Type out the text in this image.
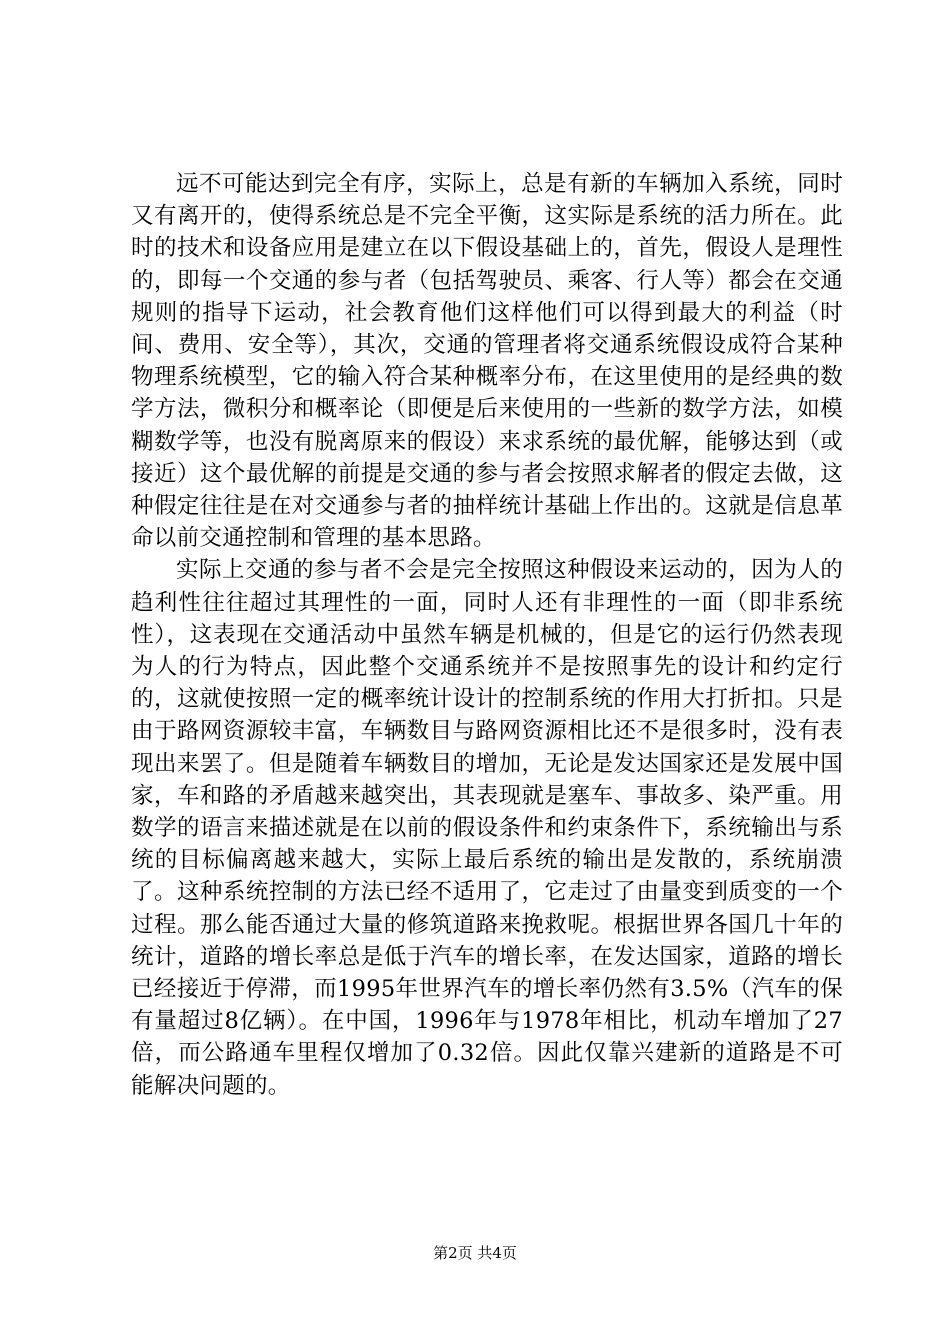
远不可能达到完全有序，实际上，总是有新的车辆加入系统，同时又有离开的，使得系统总是不完全平衡，这实际是系统的活力所在。此时的技术和设备应用是建立在以下假设基础上的，首先，假设人是理性的，即每一个交通的参与者（包括驾驶员、乘客、行人等）都会在交通规则的指导下运动，社会教育他们这样他们可以得到最大的利益（时间、费用、安全等），其次，交通的管理者将交通系统假设成符合某种物理系统模型，它的输入符合某种概率分布，在这里使用的是经典的数学方法，微积分和概率论（即便是后来使用的一些新的数学方法，如模糊数学等，也没有脱离原来的假设）来求系统的最优解，能够达到（或接近）这个最优解的前提是交通的参与者会按照求解者的假定去做，这种假定往往是在对交通参与者的抽样统计基础上作出的。这就是信息革命以前交通控制和管理的基本思路。

实际上交通的参与者不会是完全按照这种假设来运动的，因为人的趋利性往往超过其理性的一面，同时人还有非理性的一面（即非系统性），这表现在交通活动中虽然车辆是机械的，但是它的运行仍然表现为人的行为特点，因此整个交通系统并不是按照事先的设计和约定行的，这就使按照一定的概率统计设计的控制系统的作用大打折扣。只是由于路网资源较丰富，车辆数目与路网资源相比还不是很多时，没有表现出来罢了。但是随着车辆数目的增加，无论是发达国家还是发展中国家，车和路的矛盾越来越突出，其表现就是塞车、事故多、染严重。用数学的语言来描述就是在以前的假设条件和约束条件下，系统输出与系统的目标偏离越来越大，实际上最后系统的输出是发散的，系统崩溃了。这种系统控制的方法已经不适用了，它走过了由量变到质变的一个过程。那么能否通过大量的修筑道路来挽救呢。根据世界各国几十年的统计，道路的增长率总是低于汽车的增长率，在发达国家，道路的增长已经接近于停滞，而1995年世界汽车的增长率仍然有3.5%（汽车的保有量超过8亿辆）。在中国，1996年与1978年相比，机动车增加了27倍，而公路通车里程仅增加了0.32倍。因此仅靠兴建新的道路是不可能解决问题的。

第2页 共4页
